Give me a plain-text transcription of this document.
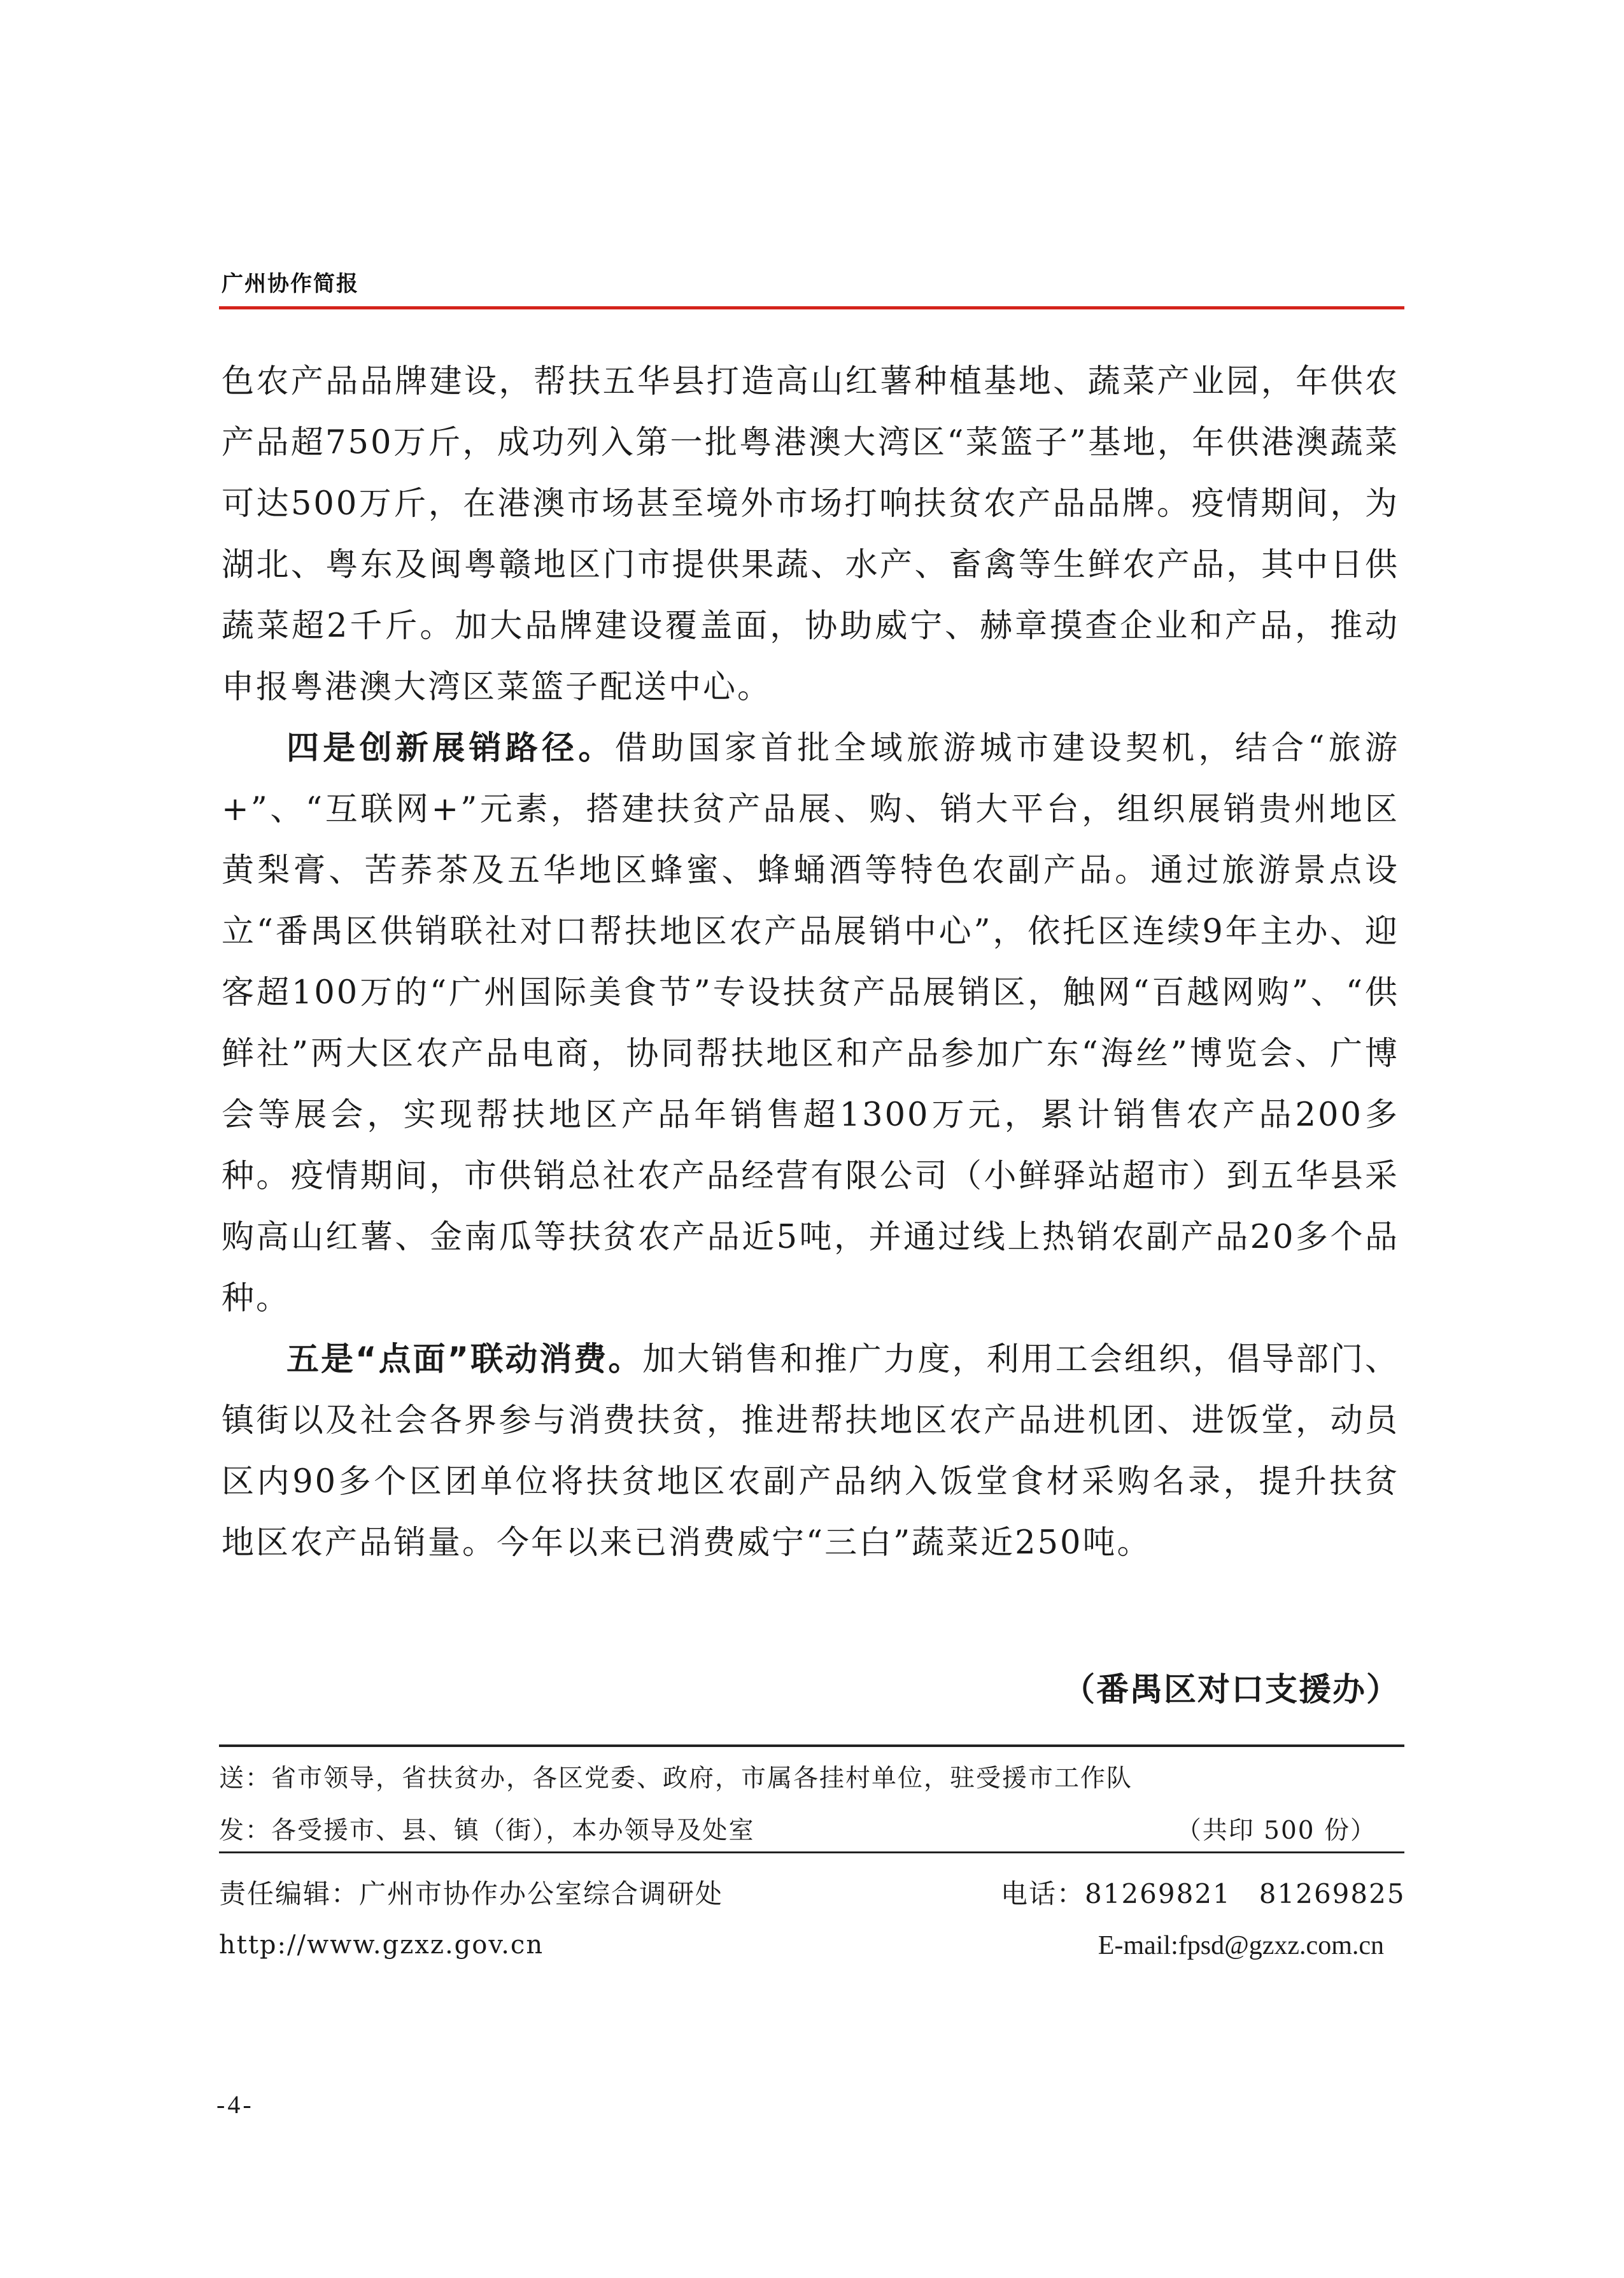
广州协作简报

色农产品品牌建设，帮扶五华县打造高山红薯种植基地、蔬菜产业园，年供农产品超750万斤，成功列入第一批粤港澳大湾区“菜篮子”基地，年供港澳蔬菜可达500万斤，在港澳市场甚至境外市场打响扶贫农产品品牌。疫情期间，为湖北、粤东及闽粤赣地区门市提供果蔬、水产、畜禽等生鲜农产品，其中日供蔬菜超2千斤。加大品牌建设覆盖面，协助威宁、赫章摸查企业和产品，推动申报粤港澳大湾区菜篮子配送中心。

四是创新展销路径。借助国家首批全域旅游城市建设契机，结合“旅游+”、“互联网+”元素，搭建扶贫产品展、购、销大平台，组织展销贵州地区黄梨膏、苦荞茶及五华地区蜂蜜、蜂蛹酒等特色农副产品。通过旅游景点设立“番禺区供销联社对口帮扶地区农产品展销中心”，依托区连续9年主办、迎客超100万的“广州国际美食节”专设扶贫产品展销区，触网“百越网购”、“供鲜社”两大区农产品电商，协同帮扶地区和产品参加广东“海丝”博览会、广博会等展会，实现帮扶地区产品年销售超1300万元，累计销售农产品200多种。疫情期间，市供销总社农产品经营有限公司（小鲜驿站超市）到五华县采购高山红薯、金南瓜等扶贫农产品近5吨，并通过线上热销农副产品20多个品种。

五是“点面”联动消费。加大销售和推广力度，利用工会组织，倡导部门、镇街以及社会各界参与消费扶贫，推进帮扶地区农产品进机团、进饭堂，动员区内90多个区团单位将扶贫地区农副产品纳入饭堂食材采购名录，提升扶贫地区农产品销量。今年以来已消费威宁“三白”蔬菜近250吨。

（番禺区对口支援办）
送：省市领导，省扶贫办，各区党委、政府，市属各挂村单位，驻受援市工作队
发：各受援市、县、镇（街），本办领导及处室	（共印 500 份）
责任编辑：广州市协作办公室综合调研处	电话：81269821　81269825
http://www.gzxz.gov.cn	E-mail:fpsd@gzxz.com.cn
-4-
